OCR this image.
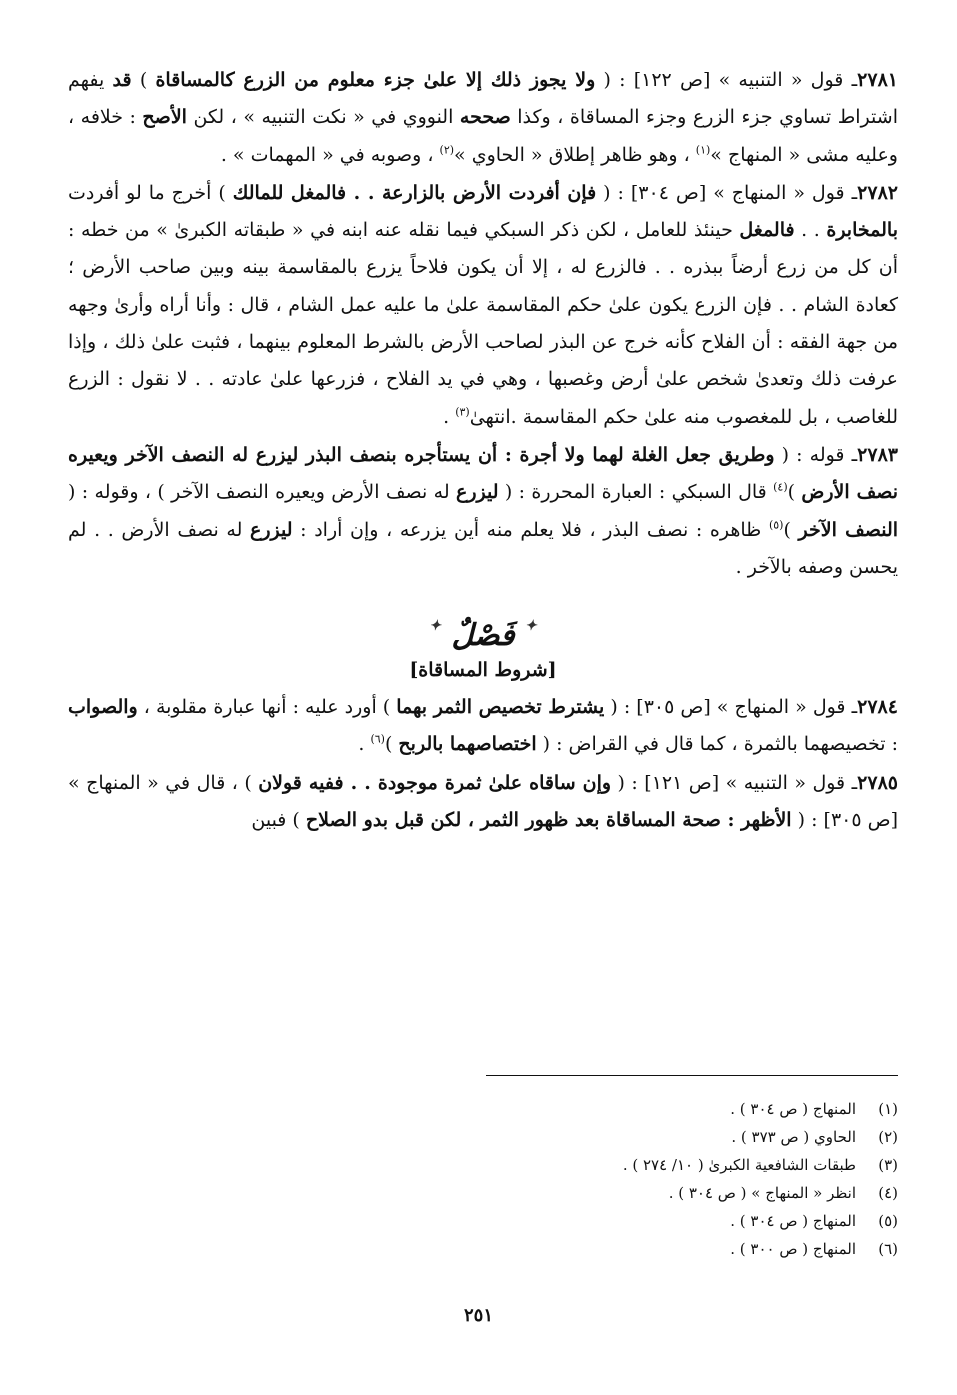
٢٧٨١ـ قول « التنبيه » [ص ١٢٢] : ( ولا يجوز ذلك إلا علىٰ جزء معلوم من الزرع كالمساقاة ) قد يفهم اشتراط تساوي جزء الزرع وجزء المساقاة ، وكذا صححه النووي في « نكت التنبيه » ، لكن الأصح : خلافه ، وعليه مشى « المنهاج »$^{(١)}$ ، وهو ظاهر إطلاق « الحاوي »$^{(٢)}$ ، وصوبه في « المهمات » .

٢٧٨٢ـ قول « المنهاج » [ص ٣٠٤] : ( فإن أفردت الأرض بالزارعة . . فالمغل للمالك ) أخرج ما لو أفردت بالمخابرة . . فالمغل حينئذ للعامل ، لكن ذكر السبكي فيما نقله عنه ابنه في « طبقاته الكبرىٰ » من خطه : أن كل من زرع أرضاً ببذره . . فالزرع له ، إلا أن يكون فلاحاً يزرع بالمقاسمة بينه وبين صاحب الأرض ؛ كعادة الشام . . فإن الزرع يكون علىٰ حكم المقاسمة علىٰ ما عليه عمل الشام ، قال : وأنا أراه وأرىٰ وجهه من جهة الفقه : أن الفلاح كأنه خرج عن البذر لصاحب الأرض بالشرط المعلوم بينهما ، فثبت علىٰ ذلك ، وإذا عرفت ذلك وتعدىٰ شخص علىٰ أرض وغصبها ، وهي في يد الفلاح ، فزرعها علىٰ عادته . . لا نقول : الزرع للغاصب ، بل للمغصوب منه علىٰ حكم المقاسمة .انتهىٰ$^{(٣)}$ .

٢٧٨٣ـ قوله : ( وطريق جعل الغلة لهما ولا أجرة : أن يستأجره بنصف البذر ليزرع له النصف الآخر ويعيره نصف الأرض )$^{(٤)}$ قال السبكي : العبارة المحررة : ( ليزرع له نصف الأرض ويعيره النصف الآخر ) ، وقوله : ( النصف الآخر )$^{(٥)}$ ظاهره : نصف البذر ، فلا يعلم منه أين يزرعه ، وإن أراد : ليزرع له نصف الأرض . . لم يحسن وصفه بالآخر .

✦ فَصْلٌ ✦
[شروط المساقاة]

٢٧٨٤ـ قول « المنهاج » [ص ٣٠٥] : ( يشترط تخصيص الثمر بهما ) أورد عليه : أنها عبارة مقلوبة ، والصواب : تخصيصهما بالثمرة ، كما قال في القراض : ( اختصاصهما بالربح )$^{(٦)}$ .

٢٧٨٥ـ قول « التنبيه » [ص ١٢١] : ( وإن ساقاه علىٰ ثمرة موجودة . . ففيه قولان ) ، قال في « المنهاج » [ص ٣٠٥] : ( الأظهر : صحة المساقاة بعد ظهور الثمر ، لكن قبل بدو الصلاح ) فبين

(١)
المنهاج ( ص ٣٠٤ ) .
(٢)
الحاوي ( ص ٣٧٣ ) .
(٣)
طبقات الشافعية الكبرىٰ ( ١٠/ ٢٧٤ ) .
(٤)
انظر « المنهاج » ( ص ٣٠٤ ) .
(٥)
المنهاج ( ص ٣٠٤ ) .
(٦)
المنهاج ( ص ٣٠٠ ) .
٢٥١
